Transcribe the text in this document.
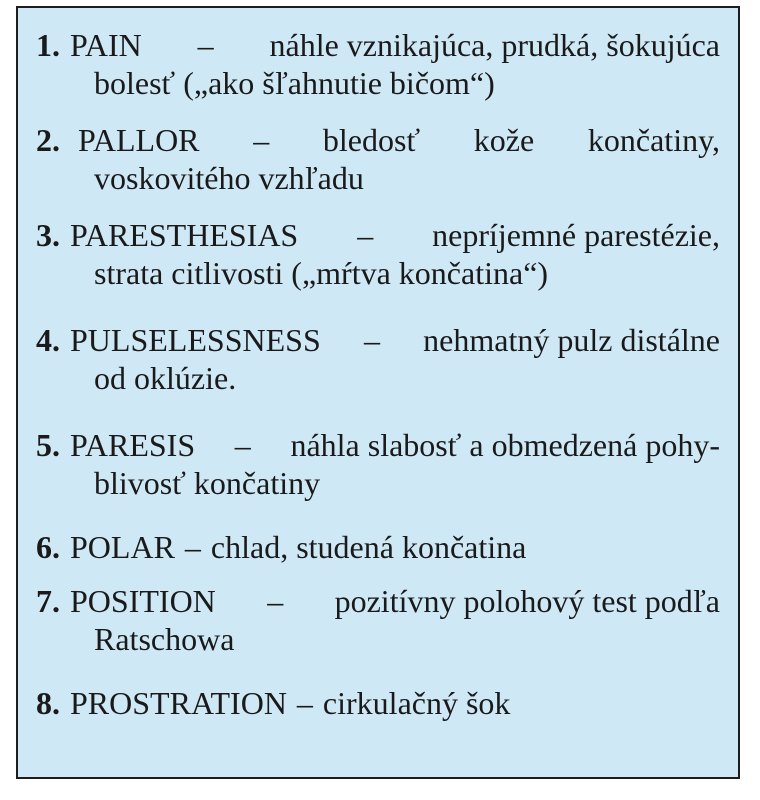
1. PAIN – náhle vznikajúca, prudká, šokujúca
bolesť („ako šľahnutie bičom“)
2. PALLOR – bledosť kože končatiny,
voskovitého vzhľadu
3. PARESTHESIAS – nepríjemné parestézie,
strata citlivosti („mŕtva končatina“)
4. PULSELESSNESS – nehmatný pulz distálne
od oklúzie.
5. PARESIS – náhla slabosť a obmedzená pohy-
blivosť končatiny
6. POLAR – chlad, studená končatina
7. POSITION – pozitívny polohový test podľa
Ratschowa
8. PROSTRATION – cirkulačný šok
